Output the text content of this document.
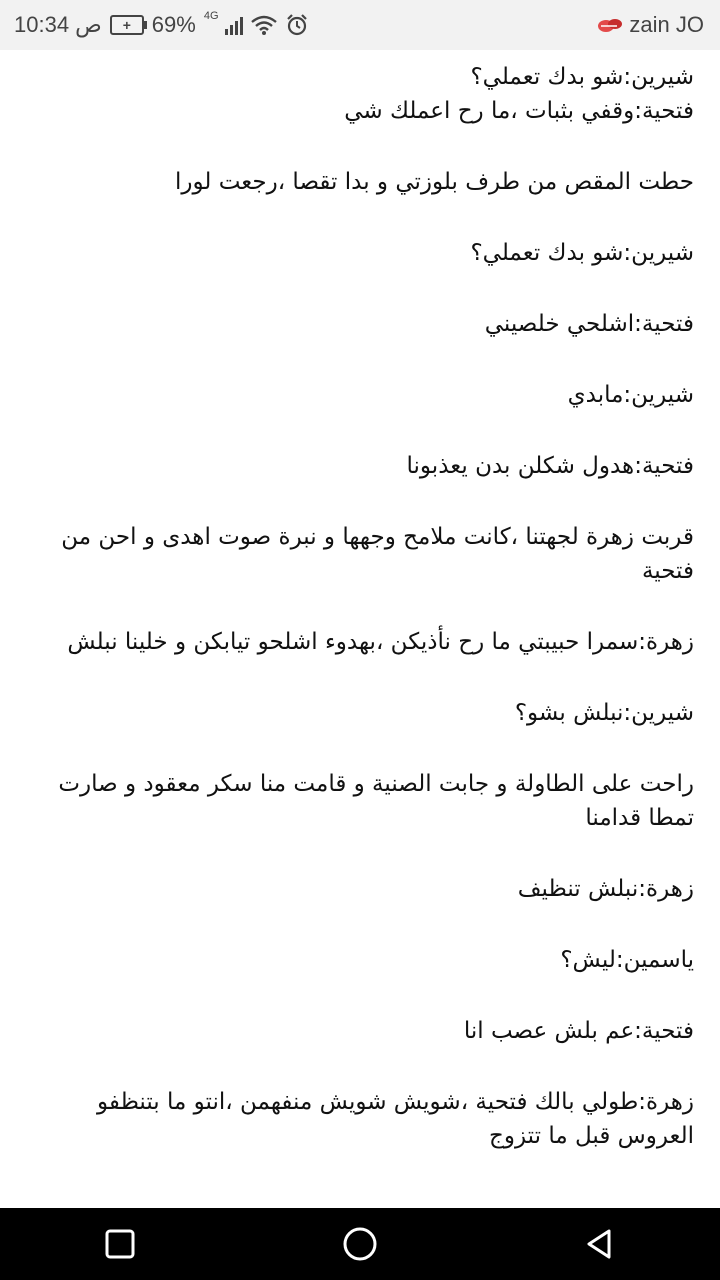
10:34 ص	+ 69% 4G	zain JO

شيرين:شو بدك تعملي؟

فتحية:وقفي بثبات ،ما رح اعملك شي

حطت المقص من طرف بلوزتي و بدا تقصا ،رجعت لورا

شيرين:شو بدك تعملي؟

فتحية:اشلحي خلصيني

شيرين:مابدي

فتحية:هدول شكلن بدن يعذبونا

قربت زهرة لجهتنا ،كانت ملامح وجهها و نبرة صوت اهدى و احن من فتحية

زهرة:سمرا حبيبتي ما رح نأذيكن ،بهدوء اشلحو تيابكن و خلينا نبلش

شيرين:نبلش بشو؟

راحت على الطاولة و جابت الصنية و قامت منا سكر معقود و صارت تمطا قدامنا

زهرة:نبلش تنظيف

ياسمين:ليش؟

فتحية:عم بلش عصب انا

زهرة:طولي بالك فتحية ،شويش شويش منفهمن ،انتو ما بتنظفو العروس قبل ما تتزوج
